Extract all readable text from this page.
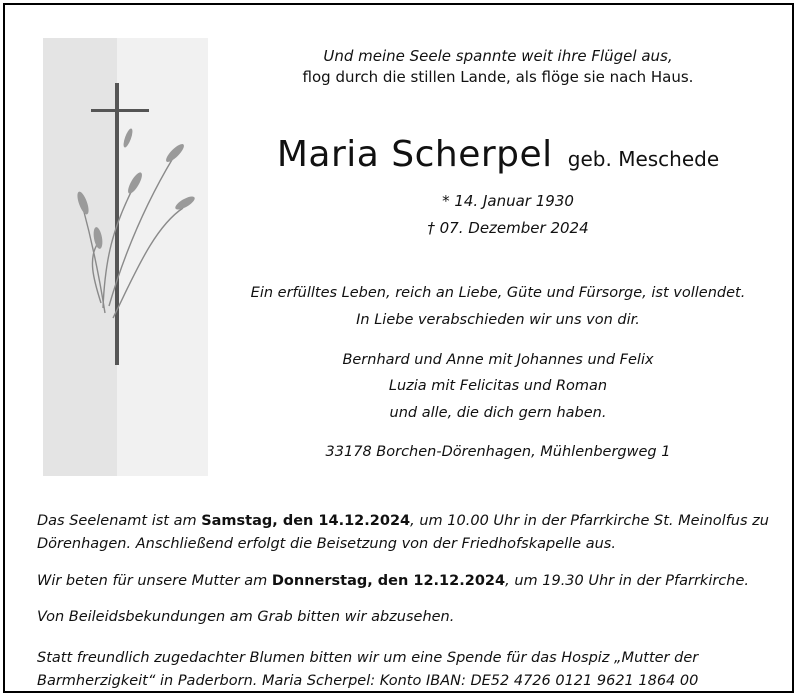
Und meine Seele spannte weit ihre Flügel aus,
flog durch die stillen Lande, als flöge sie nach Haus.
Maria Scherpel geb. Meschede
* 14. Januar 1930
† 07. Dezember 2024
Ein erfülltes Leben, reich an Liebe, Güte und Fürsorge, ist vollendet.
In Liebe verabschieden wir uns von dir.
Bernhard und Anne mit Johannes und Felix
Luzia mit Felicitas und Roman
und alle, die dich gern haben.
33178 Borchen-Dörenhagen, Mühlenbergweg 1
Das Seelenamt ist am Samstag, den 14.12.2024, um 10.00 Uhr in der Pfarrkirche St. Meinolfus zu Dörenhagen. Anschließend erfolgt die Beisetzung von der Friedhofskapelle aus.
Wir beten für unsere Mutter am Donnerstag, den 12.12.2024, um 19.30 Uhr in der Pfarrkirche.
Von Beileidsbekundungen am Grab bitten wir abzusehen.
Statt freundlich zugedachter Blumen bitten wir um eine Spende für das Hospiz „Mutter der Barmherzigkeit“ in Paderborn. Maria Scherpel: Konto IBAN: DE52 4726 0121 9621 1864 00
